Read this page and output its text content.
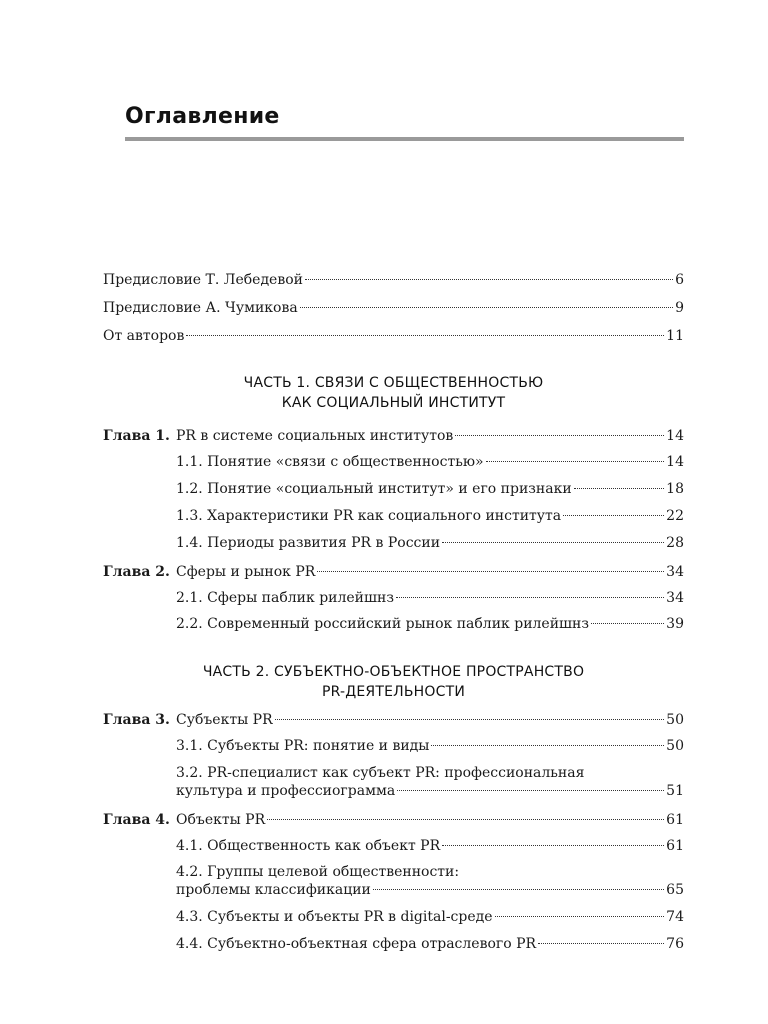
Оглавление
Предисловие Т. Лебедевой	6
Предисловие А. Чумикова	9
От авторов	11
ЧАСТЬ 1. СВЯЗИ С ОБЩЕСТВЕННОСТЬЮ
КАК СОЦИАЛЬНЫЙ ИНСТИТУТ
Глава 1. PR в системе социальных институтов	14
1.1. Понятие «связи с общественностью»	14
1.2. Понятие «социальный институт» и его признаки	18
1.3. Характеристики PR как социального института	22
1.4. Периоды развития PR в России	28
Глава 2. Сферы и рынок PR	34
2.1. Сферы паблик рилейшнз	34
2.2. Современный российский рынок паблик рилейшнз	39
ЧАСТЬ 2. СУБЪЕКТНО-ОБЪЕКТНОЕ ПРОСТРАНСТВО
PR-ДЕЯТЕЛЬНОСТИ
Глава 3. Субъекты PR	50
3.1. Субъекты PR: понятие и виды	50
3.2. PR-специалист как субъект PR: профессиональная
культура и профессиограмма	51
Глава 4. Объекты PR	61
4.1. Общественность как объект PR	61
4.2. Группы целевой общественности:
проблемы классификации	65
4.3. Субъекты и объекты PR в digital-среде	74
4.4. Субъектно-объектная сфера отраслевого PR	76
